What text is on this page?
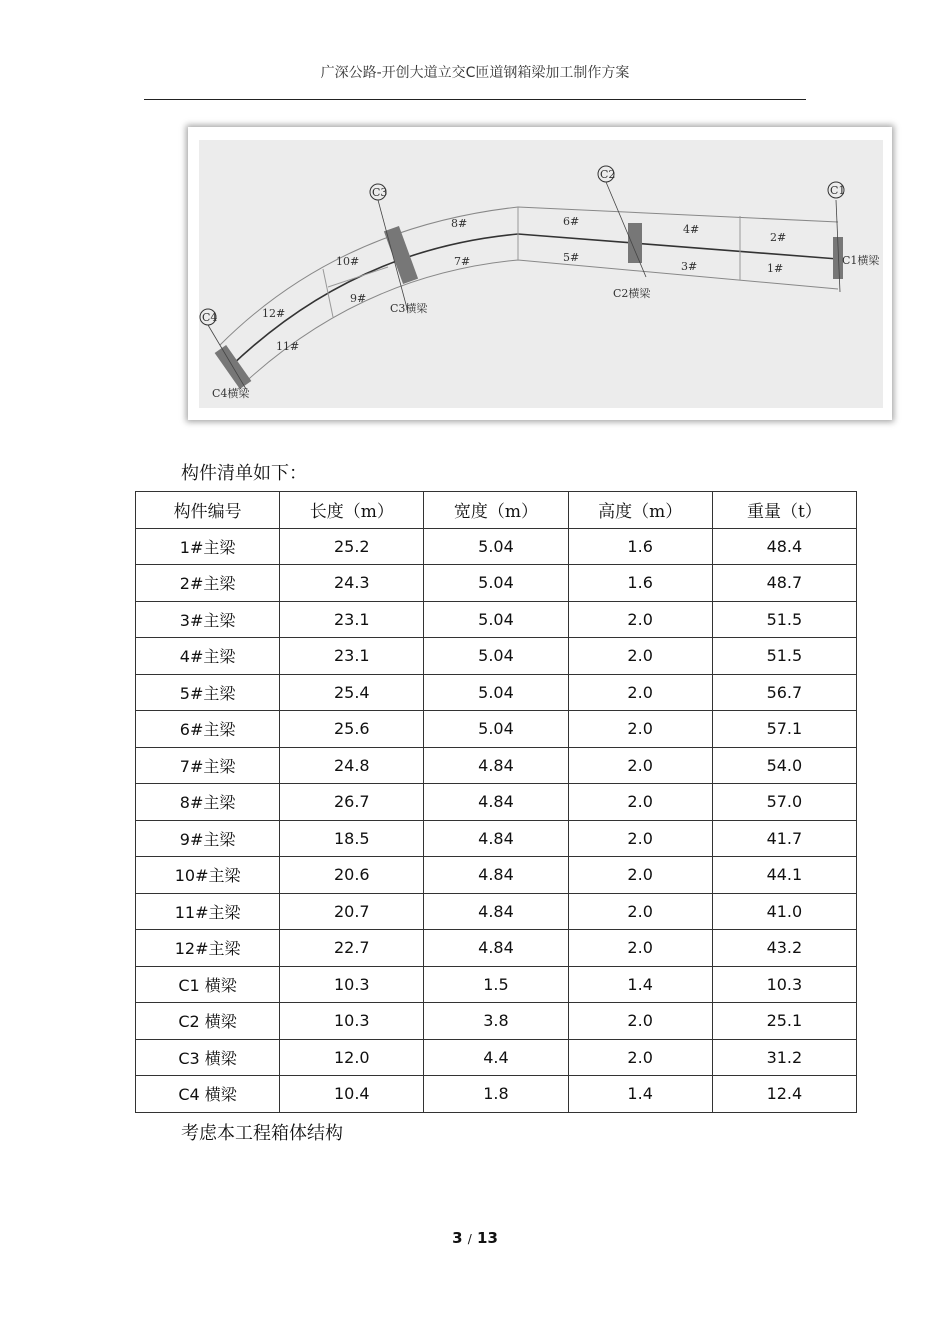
广深公路-开创大道立交C匝道钢箱梁加工制作方案
C3
C2
C1
C4
C1横梁
C2横梁
C3横梁
C4横梁
1#
2#
3#
4#
5#
6#
7#
8#
9#
10#
11#
12#
构件清单如下：
构件编号	长度（m）	宽度（m）	高度（m）	重量（t）
1#主梁	25.2	5.04	1.6	48.4
2#主梁	24.3	5.04	1.6	48.7
3#主梁	23.1	5.04	2.0	51.5
4#主梁	23.1	5.04	2.0	51.5
5#主梁	25.4	5.04	2.0	56.7
6#主梁	25.6	5.04	2.0	57.1
7#主梁	24.8	4.84	2.0	54.0
8#主梁	26.7	4.84	2.0	57.0
9#主梁	18.5	4.84	2.0	41.7
10#主梁	20.6	4.84	2.0	44.1
11#主梁	20.7	4.84	2.0	41.0
12#主梁	22.7	4.84	2.0	43.2
C1 横梁	10.3	1.5	1.4	10.3
C2 横梁	10.3	3.8	2.0	25.1
C3 横梁	12.0	4.4	2.0	31.2
C4 横梁	10.4	1.8	1.4	12.4
考虑本工程箱体结构
3 / 13
